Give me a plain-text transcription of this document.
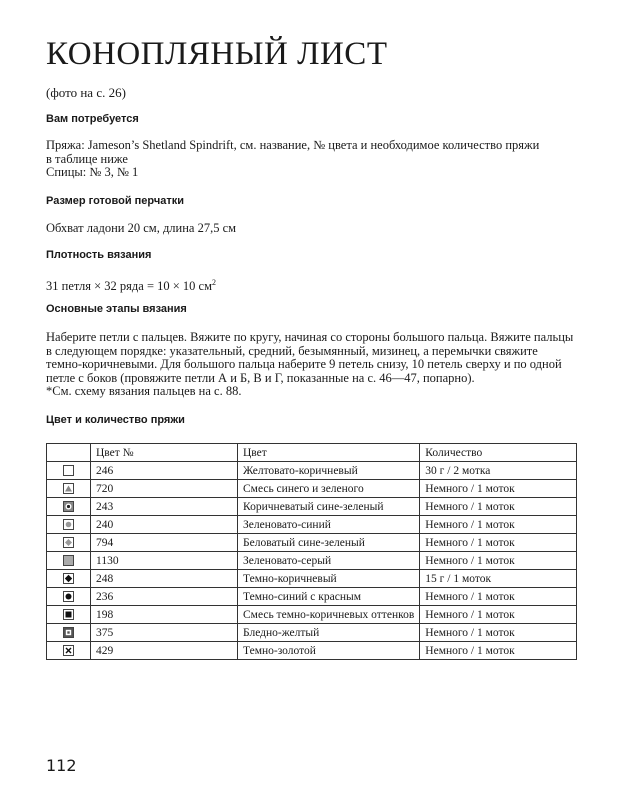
КОНОПЛЯНЫЙ ЛИСТ
(фото на с. 26)
Вам потребуется
Пряжа: Jameson’s Shetland Spindrift, см. название, № цвета и необходимое количество пряжи
в таблице ниже
Спицы: № 3, № 1
Размер готовой перчатки
Обхват ладони 20 см, длина 27,5 см
Плотность вязания
31 петля × 32 ряда = 10 × 10 $см^2$
Основные этапы вязания
Наберите петли с пальцев. Вяжите по кругу, начиная со стороны большого пальца. Вяжите пальцы
в следующем порядке: указательный, средний, безымянный, мизинец, а перемычки свяжите
темно-коричневыми. Для большого пальца наберите 9 петель снизу, 10 петель сверху и по одной
петле с боков (провяжите петли А и Б, В и Г, показанные на с. 46—47, попарно).
*См. схему вязания пальцев на с. 88.
Цвет и количество пряжи
	Цвет №	Цвет	Количество
	246	Желтовато-коричневый	30 г / 2 мотка

	720	Смесь синего и зеленого	Немного / 1 моток

	243	Коричневатый сине-зеленый	Немного / 1 моток

	240	Зеленовато-синий	Немного / 1 моток

	794	Беловатый сине-зеленый	Немного / 1 моток

	1130	Зеленовато-серый	Немного / 1 моток

	248	Темно-коричневый	15 г / 1 моток

	236	Темно-синий с красным	Немного / 1 моток

	198	Смесь темно-коричневых оттенков	Немного / 1 моток

	375	Бледно-желтый	Немного / 1 моток

	429	Темно-золотой	Немного / 1 моток
112
